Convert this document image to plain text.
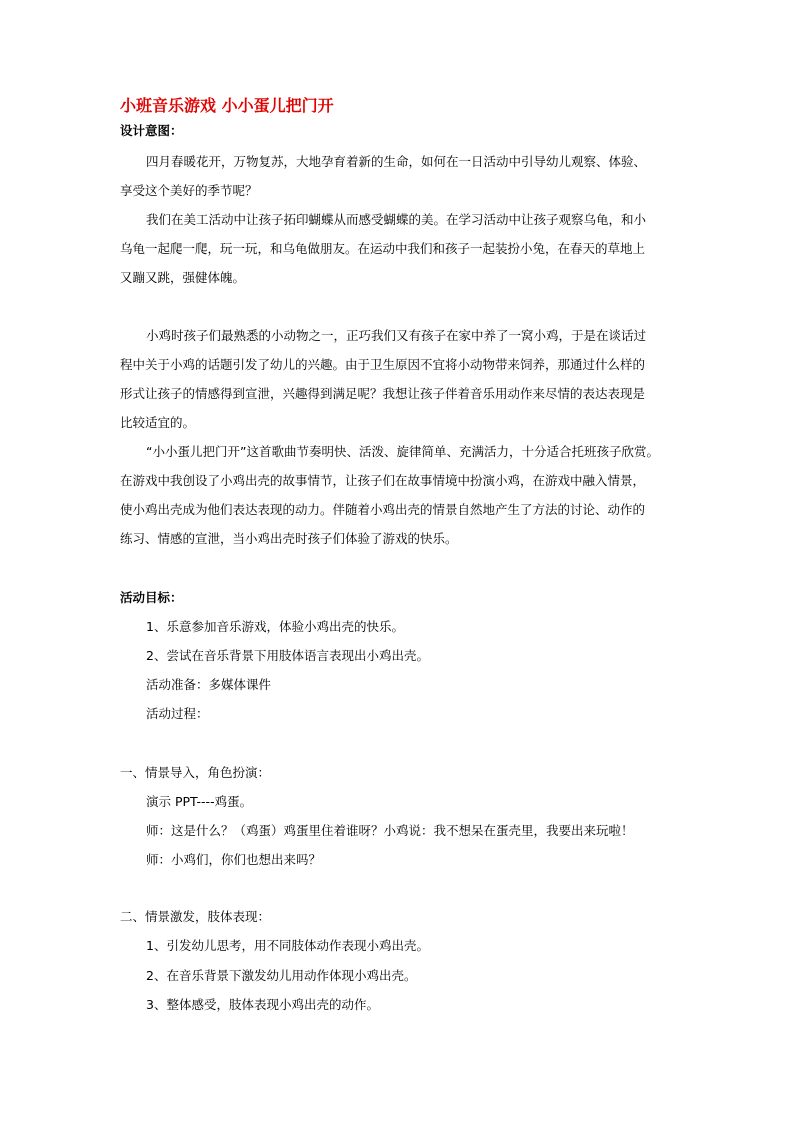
小班音乐游戏 小小蛋儿把门开
设计意图：
四月春暖花开，万物复苏，大地孕育着新的生命，如何在一日活动中引导幼儿观察、体验、
享受这个美好的季节呢？
我们在美工活动中让孩子拓印蝴蝶从而感受蝴蝶的美。在学习活动中让孩子观察乌龟，和小
乌龟一起爬一爬，玩一玩，和乌龟做朋友。在运动中我们和孩子一起装扮小兔，在春天的草地上
又蹦又跳，强健体魄。
小鸡时孩子们最熟悉的小动物之一，正巧我们又有孩子在家中养了一窝小鸡，于是在谈话过
程中关于小鸡的话题引发了幼儿的兴趣。由于卫生原因不宜将小动物带来饲养，那通过什么样的
形式让孩子的情感得到宣泄，兴趣得到满足呢？我想让孩子伴着音乐用动作来尽情的表达表现是
比较适宜的。
“小小蛋儿把门开”这首歌曲节奏明快、活泼、旋律简单、充满活力，十分适合托班孩子欣赏。
在游戏中我创设了小鸡出壳的故事情节，让孩子们在故事情境中扮演小鸡，在游戏中融入情景，
使小鸡出壳成为他们表达表现的动力。伴随着小鸡出壳的情景自然地产生了方法的讨论、动作的
练习、情感的宣泄，当小鸡出壳时孩子们体验了游戏的快乐。
活动目标：
1、乐意参加音乐游戏，体验小鸡出壳的快乐。
2、尝试在音乐背景下用肢体语言表现出小鸡出壳。
活动准备：多媒体课件
活动过程：
一、情景导入，角色扮演：
演示 PPT----鸡蛋。
师：这是什么？（鸡蛋）鸡蛋里住着谁呀？小鸡说：我不想呆在蛋壳里，我要出来玩啦！
师：小鸡们，你们也想出来吗？
二、情景激发，肢体表现：
1、引发幼儿思考，用不同肢体动作表现小鸡出壳。
2、在音乐背景下激发幼儿用动作体现小鸡出壳。
3、整体感受，肢体表现小鸡出壳的动作。
